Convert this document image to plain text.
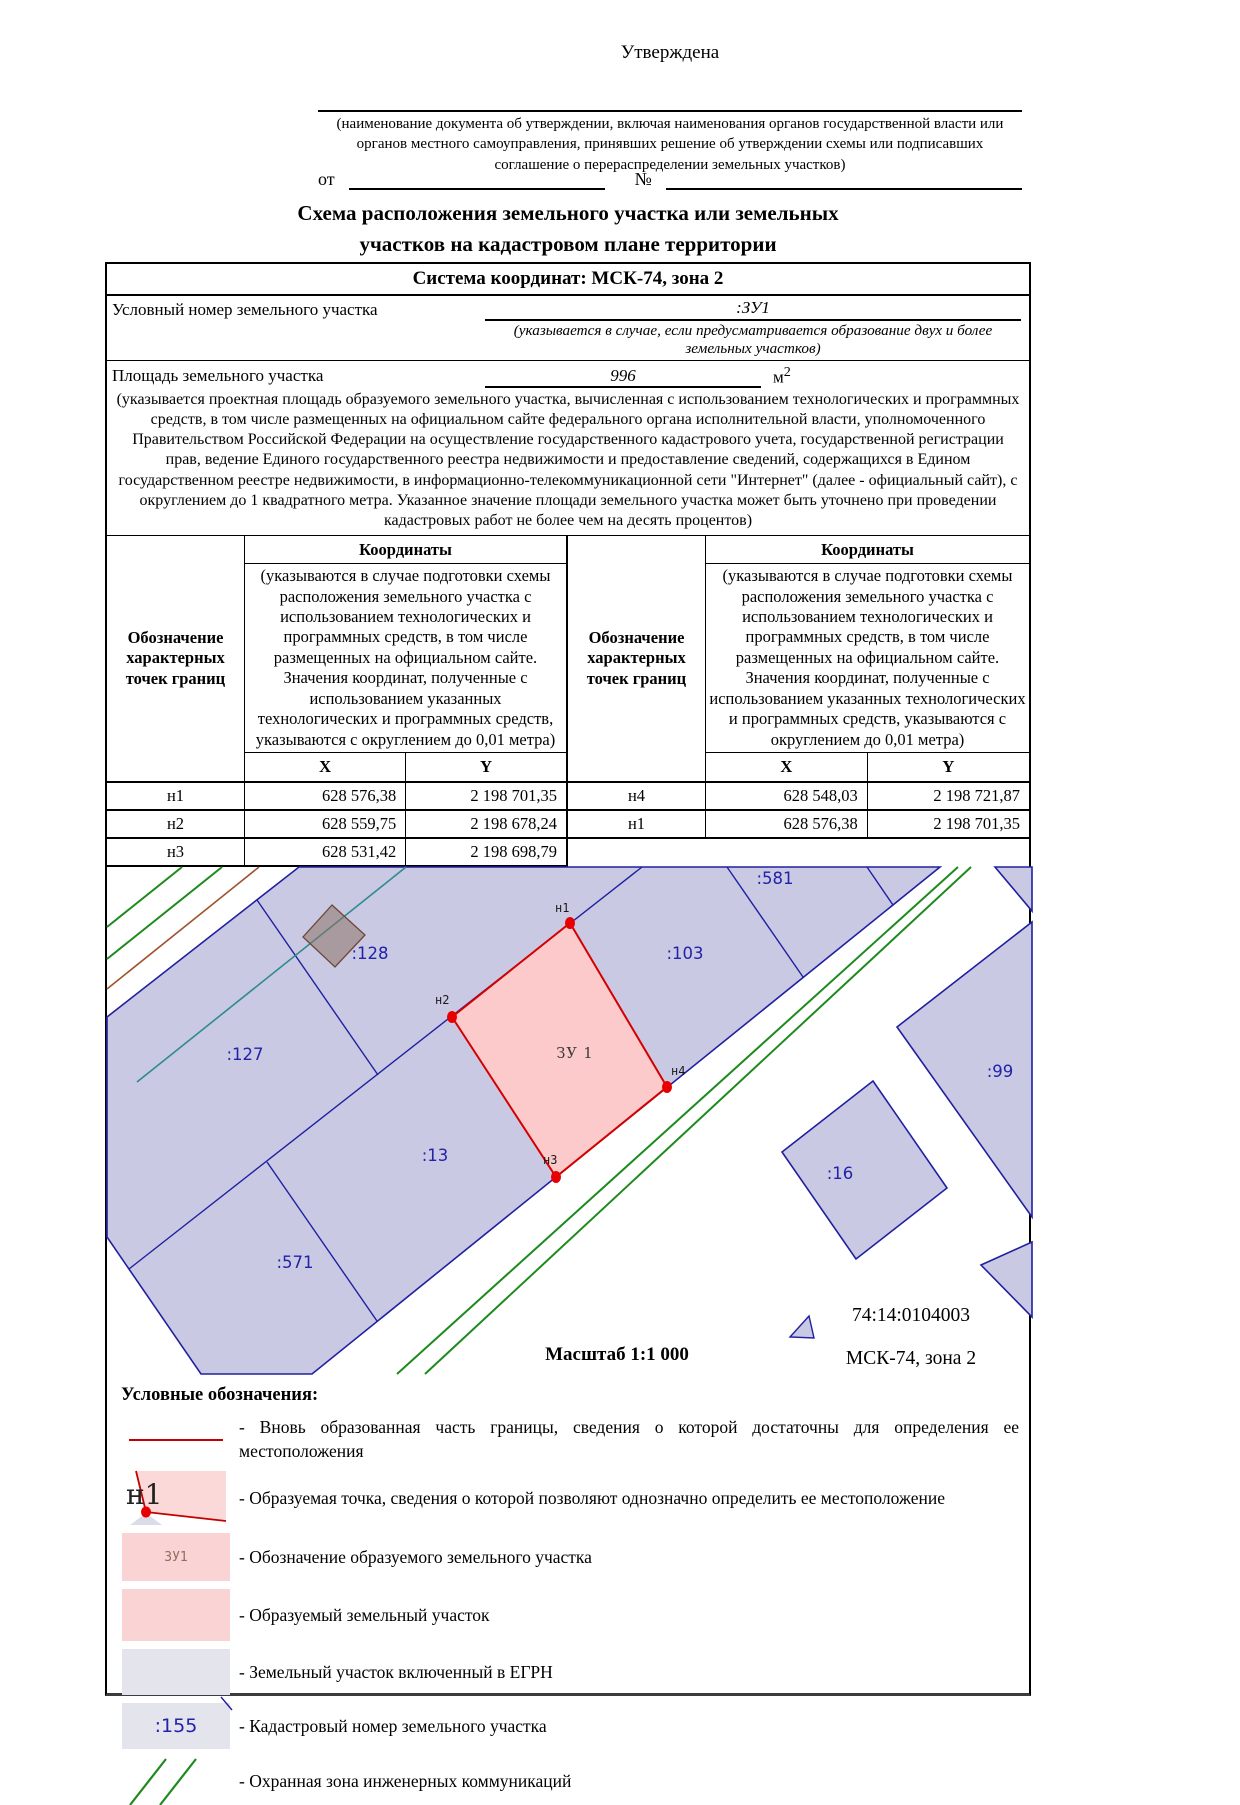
Утверждена
(наименование документа об утверждении, включая наименования органов государственной власти или органов местного самоуправления, принявших решение об утверждении схемы или подписавших соглашение о перераспределении земельных участков)
от	№
Схема расположения земельного участка или земельных
участков на кадастровом плане территории
Система координат: МСК-74, зона 2
Условный номер земельного участка	:ЗУ1
(указывается в случае, если предусматривается образование двух и более земельных участков)
Площадь земельного участка	996	$м^2$
(указывается проектная площадь образуемого земельного участка, вычисленная с использованием технологических и программных средств, в том числе размещенных на официальном сайте федерального органа исполнительной власти, уполномоченного Правительством Российской Федерации на осуществление государственного кадастрового учета, государственной регистрации прав, ведение Единого государственного реестра недвижимости и предоставление сведений, содержащихся в Едином государственном реестре недвижимости, в информационно-телекоммуникационной сети "Интернет" (далее - официальный сайт), с округлением до 1 квадратного метра. Указанное значение площади земельного участка может быть уточнено при проведении кадастровых работ не более чем на десять процентов)
Обозначение характерных точек границ	Координаты	
	(указываются в случае подготовки схемы расположения земельного участка с использованием технологических и программных средств, в том числе размещенных на официальном сайте. Значения координат, полученные с использованием указанных технологических и программных средств, указываются с округлением до 0,01 метра)	
	X	Y
н1	628 576,38	2 198 701,35
н2	628 559,75	2 198 678,24
н3	628 531,42	2 198 698,79
Обозначение характерных точек границ	Координаты	
	(указываются в случае подготовки схемы расположения земельного участка с использованием технологических и программных средств, в том числе размещенных на официальном сайте. Значения координат, полученные с использованием указанных технологических и программных средств, указываются с округлением до 0,01 метра)	
	X	Y
н4	628 548,03	2 198 721,87
н1	628 576,38	2 198 701,35
н1
н2
н3
н4
:581
:128	:103
:127
:13
:571
:16
:99
ЗУ 1
Масштаб 1:1 000
74:14:0104003
МСК-74, зона 2
Условные обозначения:
- Вновь образованная часть границы, сведения о которой достаточны для определения ее местоположения
н1	- Образуемая точка, сведения о которой позволяют однозначно определить ее местоположение
ЗУ1	- Обозначение образуемого земельного участка
- Образуемый земельный участок
- Земельный участок включенный в ЕГРН
:155	- Кадастровый номер земельного участка
- Охранная зона инженерных коммуникаций
